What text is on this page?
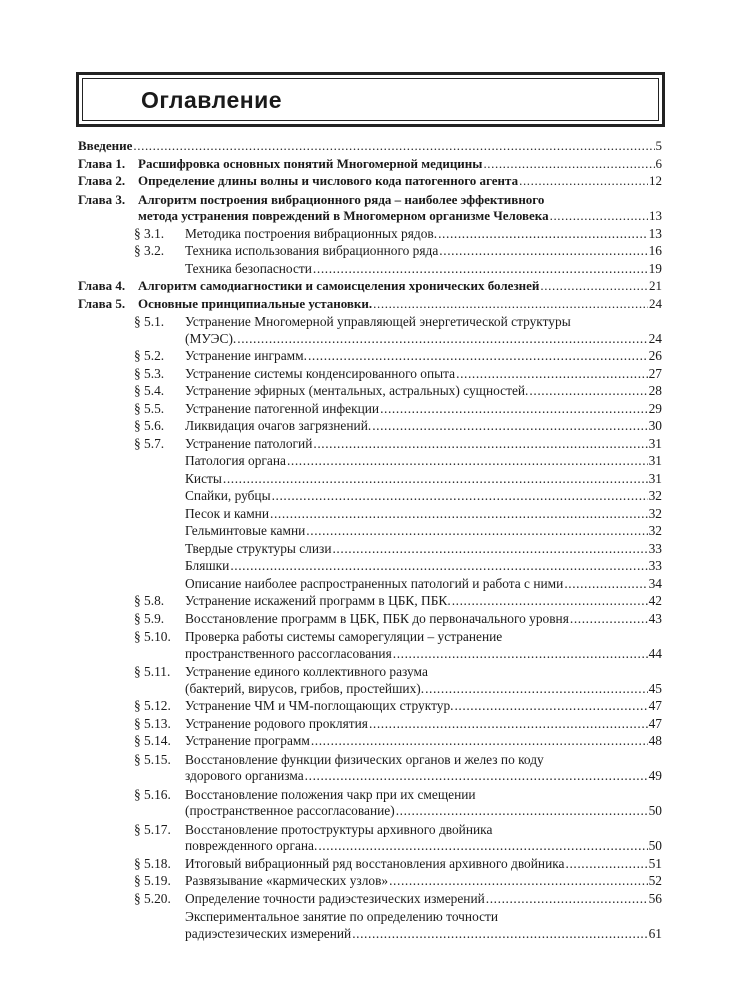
Оглавление
Введение .....	5
Глава 1. Расшифровка основных понятий Многомерной медицины .....	6
Глава 2. Определение длины волны и числового кода патогенного агента .....	12
Глава 3. Алгоритм построения вибрационного ряда – наиболее эффективного
метода устранения повреждений в Многомерном организме Человека .....	13
§ 3.1. Методика построения вибрационных рядов. .....	13
§ 3.2. Техника использования вибрационного ряда .....	16
Техника безопасности .....	19
Глава 4. Алгоритм самодиагностики и самоисцеления хронических болезней .....	21
Глава 5. Основные принципиальные установки. .....	24
§ 5.1. Устранение Многомерной управляющей энергетической структуры
(МУЭС). .....	24
§ 5.2. Устранение инграмм. .....	26
§ 5.3. Устранение системы конденсированного опыта .....	27
§ 5.4. Устранение эфирных (ментальных, астральных) сущностей. .....	28
§ 5.5. Устранение патогенной инфекции .....	29
§ 5.6. Ликвидация очагов загрязнений. .....	30
§ 5.7. Устранение патологий .....	31
Патология органа .....	31
Кисты .....	31
Спайки, рубцы .....	32
Песок и камни .....	32
Гельминтовые камни .....	32
Твердые структуры слизи .....	33
Бляшки .....	33
Описание наиболее распространенных патологий и работа с ними .....	34
§ 5.8. Устранение искажений программ в ЦБК, ПБК. .....	42
§ 5.9. Восстановление программ в ЦБК, ПБК до первоначального уровня .....	43
§ 5.10. Проверка работы системы саморегуляции – устранение
пространственного рассогласования .....	44
§ 5.11. Устранение единого коллективного разума
(бактерий, вирусов, грибов, простейших). .....	45
§ 5.12. Устранение ЧМ и ЧМ-поглощающих структур. .....	47
§ 5.13. Устранение родового проклятия .....	47
§ 5.14. Устранение программ .....	48
§ 5.15. Восстановление функции физических органов и желез по коду
здорового организма .....	49
§ 5.16. Восстановление положения чакр при их смещении
(пространственное рассогласование) .....	50
§ 5.17. Восстановление протоструктуры архивного двойника
поврежденного органа. .....	50
§ 5.18. Итоговый вибрационный ряд восстановления архивного двойника .....	51
§ 5.19. Развязывание «кармических узлов» .....	52
§ 5.20. Определение точности радиэстезических измерений .....	56
Экспериментальное занятие по определению точности
радиэстезических измерений .....	61
